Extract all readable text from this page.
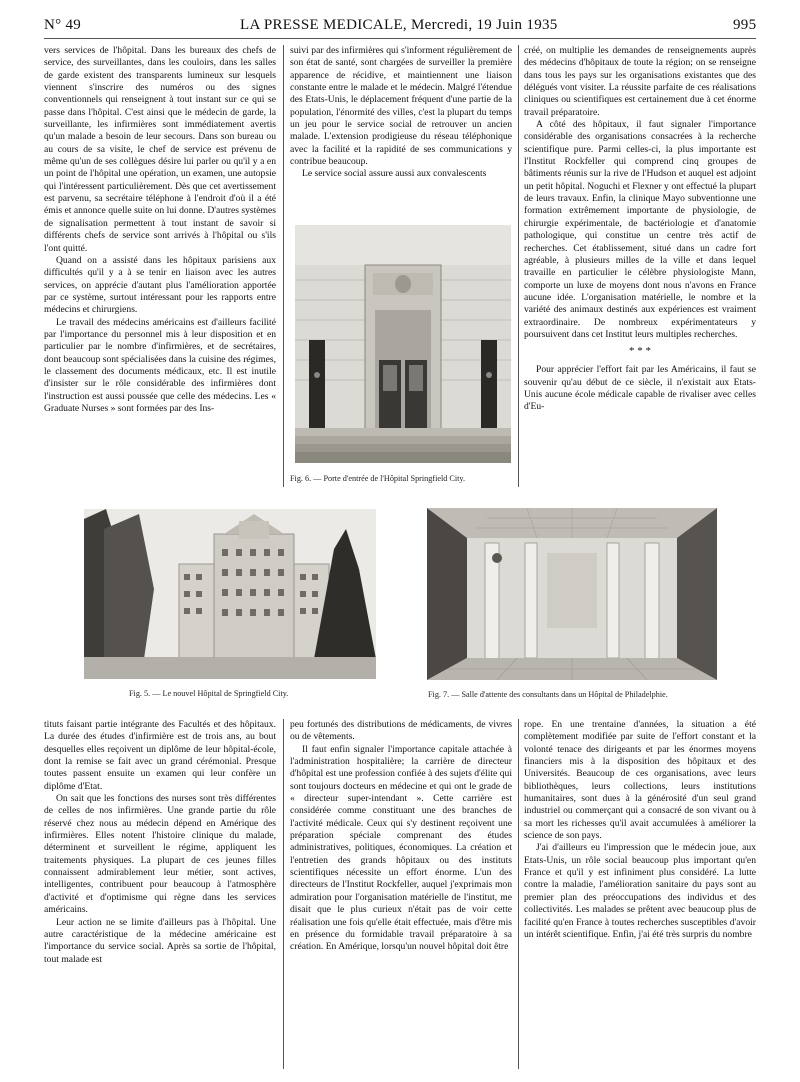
N° 49	LA PRESSE MEDICALE, Mercredi, 19 Juin 1935	995

vers services de l'hôpital. Dans les bureaux des chefs de service, des surveillantes, dans les couloirs, dans les salles de garde existent des transparents lumineux sur lesquels viennent s'inscrire des numéros ou des signes conventionnels qui renseignent à tout instant sur ce qui se passe dans l'hôpital. C'est ainsi que le médecin de garde, la surveillante, les infirmières sont immédiatement avertis qu'un malade a besoin de leur secours. Dans son bureau ou au cours de sa visite, le chef de service est prévenu de même qu'un de ses collègues désire lui parler ou qu'il y a en un point de l'hôpital une opération, un examen, une autopsie qui l'intéressent particulièrement. Dès que cet avertissement est parvenu, sa secrétaire téléphone à l'endroit d'où il a été émis et annonce quelle suite on lui donne. D'autres systèmes de signalisation permettent à tout instant de savoir si différents chefs de service sont arrivés à l'hôpital ou s'ils l'ont quitté.

Quand on a assisté dans les hôpitaux parisiens aux difficultés qu'il y a à se tenir en liaison avec les autres services, on apprécie d'autant plus l'amélioration apportée par ce système, surtout intéressant pour les rapports entre médecins et chirurgiens.

Le travail des médecins américains est d'ailleurs facilité par l'importance du personnel mis à leur disposition et en particulier par le nombre d'infirmières, et de secrétaires, dont beaucoup sont spécialisées dans la cuisine des régimes, le classement des documents médicaux, etc. Il est inutile d'insister sur le rôle considérable des infirmières dont l'instruction est aussi poussée que celle des médecins. Les « Graduate Nurses » sont formées par des Ins-

suivi par des infirmières qui s'informent régulièrement de son état de santé, sont chargées de surveiller la première apparence de récidive, et maintiennent une liaison constante entre le malade et le médecin. Malgré l'étendue des Etats-Unis, le déplacement fréquent d'une partie de la population, l'énormité des villes, c'est la plupart du temps un jeu pour le service social de retrouver un ancien malade. L'extension prodigieuse du réseau téléphonique avec la facilité et la rapidité de ses communications y contribue beaucoup.

Le service social assure aussi aux convalescents

créé, on multiplie les demandes de renseignements auprès des médecins d'hôpitaux de toute la région; on se renseigne dans tous les pays sur les organisations existantes que des délégués vont visiter. La réussite parfaite de ces réalisations cliniques ou scientifiques est certainement due à cet énorme travail préparatoire.

A côté des hôpitaux, il faut signaler l'importance considérable des organisations consacrées à la recherche scientifique pure. Parmi celles-ci, la plus importante est l'Institut Rockfeller qui comprend cinq groupes de bâtiments réunis sur la rive de l'Hudson et auquel est adjoint un petit hôpital. Noguchi et Flexner y ont effectué la plupart de leurs travaux. Enfin, la clinique Mayo subventionne une formation extrêmement importante de physiologie, de chirurgie expérimentale, de bactériologie et d'anatomie pathologique, qui constitue un centre très actif de recherches. Cet établissement, situé dans un cadre fort agréable, à plusieurs milles de la ville et dans lequel travaille en particulier le célèbre physiologiste Mann, comporte un luxe de moyens dont nous n'avons en France aucune idée. L'organisation matérielle, le nombre et la variété des animaux destinés aux expériences est vraiment extraordinaire. De nombreux expérimentateurs y poursuivent dans cet Institut leurs multiples recherches.

* * *

Pour apprécier l'effort fait par les Américains, il faut se souvenir qu'au début de ce siècle, il n'existait aux Etats-Unis aucune école médicale capable de rivaliser avec celles d'Eu-

Fig. 6. — Porte d'entrée de l'Hôpital Springfield City.
Fig. 5. — Le nouvel Hôpital de Springfield City.	Fig. 7. — Salle d'attente des consultants dans un Hôpital de Philadelphie.

tituts faisant partie intégrante des Facultés et des hôpitaux. La durée des études d'infirmière est de trois ans, au bout desquelles elles reçoivent un diplôme de leur hôpital-école, dont la remise se fait avec un grand cérémonial. Presque toutes passent ensuite un examen qui leur confère un diplôme d'Etat.

On sait que les fonctions des nurses sont très différentes de celles de nos infirmières. Une grande partie du rôle réservé chez nous au médecin dépend en Amérique des infirmières. Elles notent l'histoire clinique du malade, déterminent et surveillent le régime, appliquent les traitements physiques. La plupart de ces jeunes filles connaissent admirablement leur métier, sont actives, intelligentes, contribuent pour beaucoup à l'atmosphère d'activité et d'optimisme qui règne dans les services américains.

Leur action ne se limite d'ailleurs pas à l'hôpital. Une autre caractéristique de la médecine américaine est l'importance du service social. Après sa sortie de l'hôpital, tout malade est

peu fortunés des distributions de médicaments, de vivres ou de vêtements.

Il faut enfin signaler l'importance capitale attachée à l'administration hospitalière; la carrière de directeur d'hôpital est une profession confiée à des sujets d'élite qui sont toujours docteurs en médecine et qui ont le grade de « directeur super-intendant ». Cette carrière est considérée comme constituant une des branches de l'activité médicale. Ceux qui s'y destinent reçoivent une préparation spéciale comprenant des études administratives, politiques, économiques. La création et l'entretien des grands hôpitaux ou des instituts scientifiques nécessite un effort énorme. L'un des directeurs de l'Institut Rockfeller, auquel j'exprimais mon admiration pour l'organisation matérielle de l'institut, me disait que le plus curieux n'était pas de voir cette réalisation une fois qu'elle était effectuée, mais d'être mis en présence du formidable travail préparatoire à sa création. En Amérique, lorsqu'un nouvel hôpital doit être

rope. En une trentaine d'années, la situation a été complètement modifiée par suite de l'effort constant et la volonté tenace des dirigeants et par les énormes moyens financiers mis à la disposition des hôpitaux et des Universités. Beaucoup de ces organisations, avec leurs bibliothèques, leurs collections, leurs institutions humanitaires, sont dues à la générosité d'un seul grand industriel ou commerçant qui a consacré de son vivant ou à sa mort les richesses qu'il avait accumulées à améliorer la science de son pays.

J'ai d'ailleurs eu l'impression que le médecin joue, aux Etats-Unis, un rôle social beaucoup plus important qu'en France et qu'il y est infiniment plus considéré. La lutte contre la maladie, l'amélioration sanitaire du pays sont au premier plan des préoccupations des individus et des collectivités. Les malades se prêtent avec beaucoup plus de facilité qu'en France à toutes recherches susceptibles d'avoir un intérêt scientifique. Enfin, j'ai été très surpris du nombre
